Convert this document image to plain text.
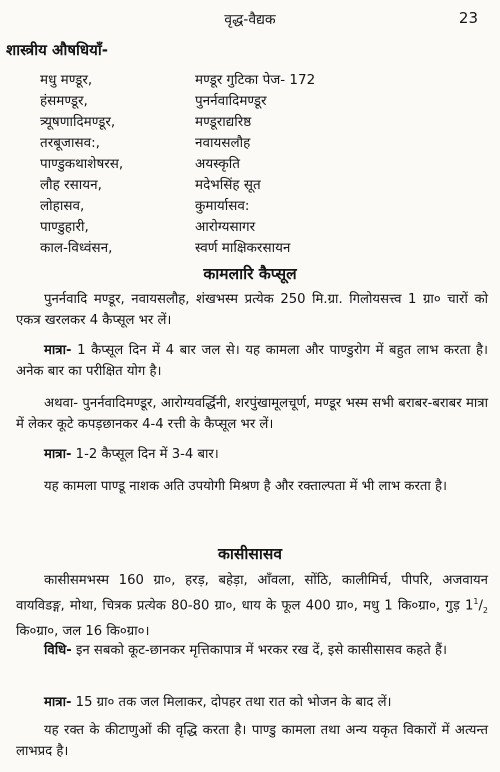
वृद्ध-वैद्यक	23
शास्त्रीय औषधियाँ-
मधु मण्डूर,	मण्डूर गुटिका पेज- 172
हंसमण्डूर,	पुनर्नवादिमण्डूर
त्र्यूषणादिमण्डूर,	मण्डूराद्यरिष्ठ
तरबूजासव:,	नवायसलौह
पाण्डुकथाशेषरस,	अयस्कृति
लौह रसायन,	मदेभसिंह सूत
लोहासव,	कुमार्यासव:
पाण्डुहारी,	आरोग्यसागर
काल-विध्वंसन,	स्वर्ण माक्षिकरसायन
कामलारि कैप्सूल
पुनर्नवादि मण्डूर, नवायसलौह, शंखभस्म प्रत्येक 250 मि.ग्रा. गिलोयसत्त्व 1 ग्रा० चारों को एकत्र खरलकर 4 कैप्सूल भर लें।
मात्रा- 1 कैप्सूल दिन में 4 बार जल से। यह कामला और पाण्डुरोग में बहुत लाभ करता है। अनेक बार का परीक्षित योग है।
अथवा- पुनर्नवादिमण्डूर, आरोग्यवर्द्धिनी, शरपुंखामूलचूर्ण, मण्डूर भस्म सभी बराबर-बराबर मात्रा में लेकर कूटे कपड़छानकर 4-4 रत्ती के कैप्सूल भर लें।
मात्रा- 1-2 कैप्सूल दिन में 3-4 बार।
यह कामला पाण्डू नाशक अति उपयोगी मिश्रण है और रक्ताल्पता में भी लाभ करता है।
कासीसासव
कासीसमभस्म 160 ग्रा०, हरड़, बहेड़ा, आँवला, सोंठि, कालीमिर्च, पीपरि, अजवायन वायविडङ्ग, मोथा, चित्रक प्रत्येक 80-80 ग्रा०, धाय के फूल 400 ग्रा०, मधु 1 कि०ग्रा०, गुड़ $1^1/_2$ कि०ग्रा०, जल 16 कि०ग्रा०।
विधि- इन सबको कूट-छानकर मृत्तिकापात्र में भरकर रख दें, इसे कासीसासव कहते हैं।
मात्रा- 15 ग्रा० तक जल मिलाकर, दोपहर तथा रात को भोजन के बाद लें।
यह रक्त के कीटाणुओं की वृद्धि करता है। पाण्डु कामला तथा अन्य यकृत विकारों में अत्यन्त लाभप्रद है।
